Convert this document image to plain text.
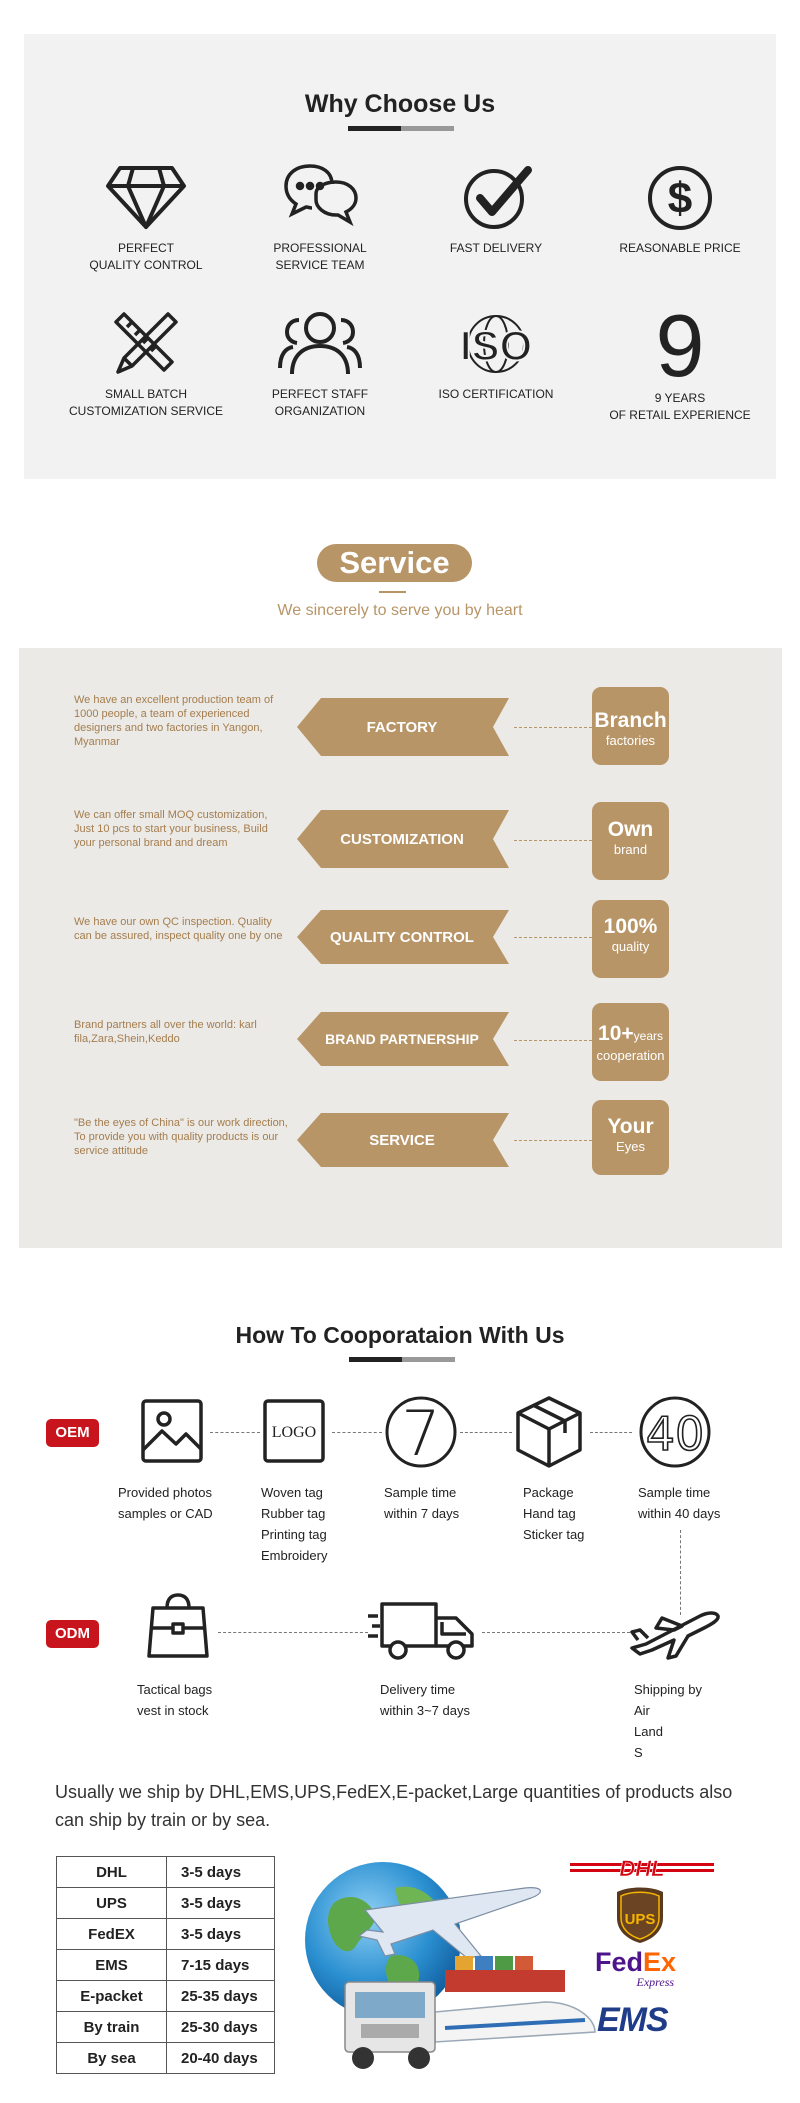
Why Choose Us
PERFECT
QUALITY CONTROL
PROFESSIONAL
SERVICE TEAM
FAST DELIVERY
$
REASONABLE PRICE
SMALL BATCH
CUSTOMIZATION SERVICE
PERFECT STAFF
ORGANIZATION
ISO
ISO CERTIFICATION	9
9 YEARS
OF RETAIL EXPERIENCE
Service
We sincerely to serve you by heart
We have an excellent production team of
1000 people, a team of experienced
designers and two factories in Yangon,
Myanmar
FACTORY	Branch
factories
We can offer small MOQ customization,
Just 10 pcs to start your business, Build
your personal brand and dream	CUSTOMIZATION	Own
brand
We have our own QC inspection. Quality
can be assured, inspect quality one by one	QUALITY CONTROL	100%
quality
Brand partners all over the world: karl
fila,Zara,Shein,Keddo	BRAND PARTNERSHIP	10+years
cooperation
"Be the eyes of China" is our work direction,
To provide you with quality products is our
service attitude
SERVICE
Your
Eyes
How To Cooporataion With Us
OEM
ODM
Provided photos
samples or CAD
LOGO
Woven tag
Rubber tag
Printing tag
Embroidery
7
Sample time
within 7 days
Package
Hand tag
Sticker tag
40
Sample time
within 40 days
Tactical bags
vest in stock
Delivery time
within 3~7 days
Shipping by
Air
Land
S
Usually we ship by DHL,EMS,UPS,FedEX,E-packet,Large quantities of products also can ship by train or by sea.
DHL	3-5 days
UPS	3-5 days
FedEX	3-5 days
EMS	7-15 days
E-packet	25-35 days
By train	25-30 days
By sea	20-40 days
DHL
UPS
FedEx
Express
EMS
